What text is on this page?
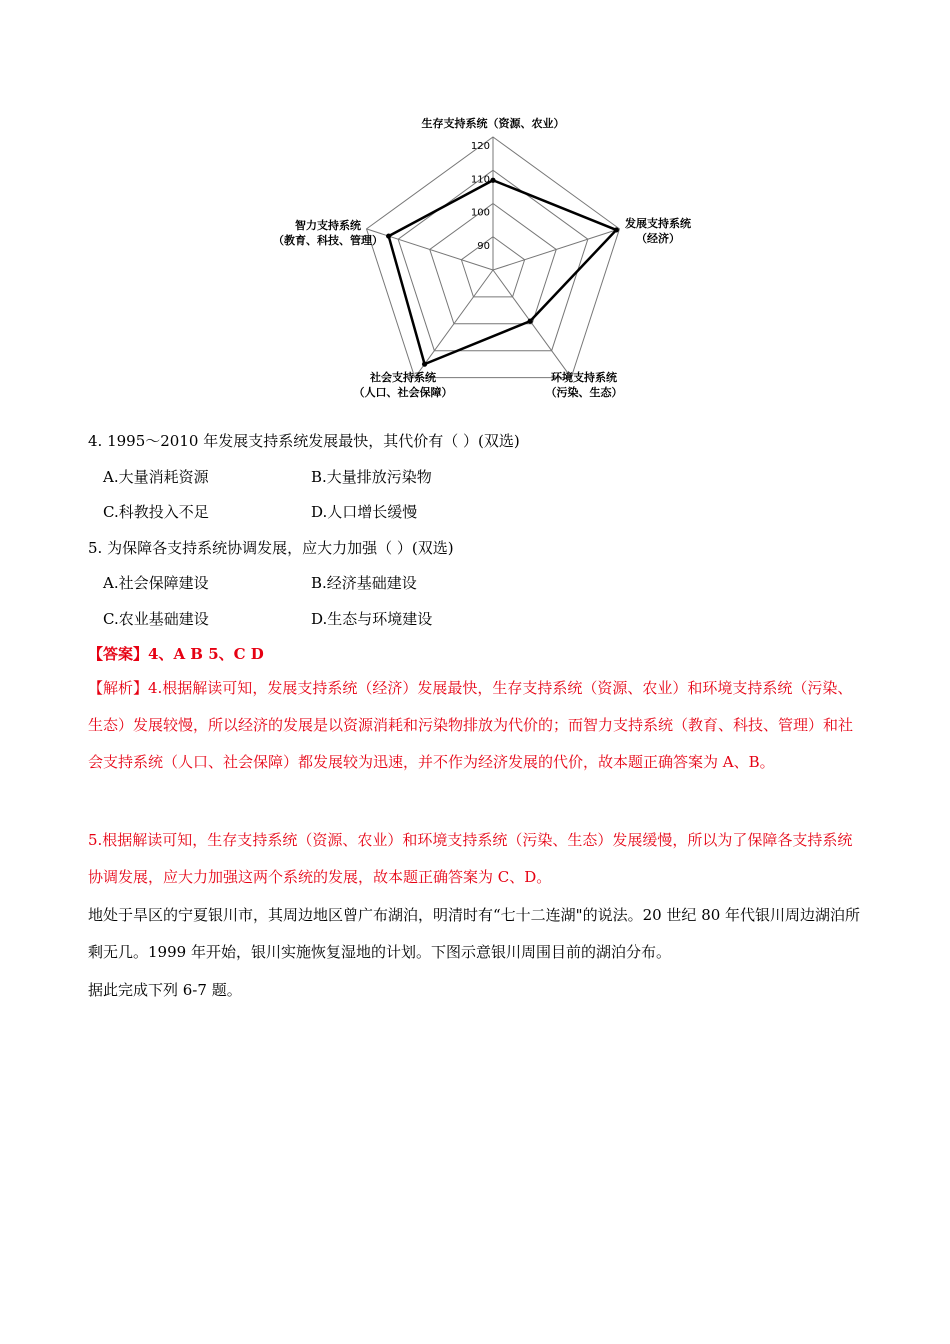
90
100
110
120
生存支持系统（资源、农业）
发展支持系统
（经济）
环境支持系统
（污染、生态）
社会支持系统
（人口、社会保障）
智力支持系统
（教育、科技、管理）
4. 1995～2010 年发展支持系统发展最快，其代价有（ ）(双选)
A.大量消耗资源	B.大量排放污染物
C.科教投入不足	D.人口增长缓慢
5. 为保障各支持系统协调发展，应大力加强（ ）(双选)
A.社会保障建设	B.经济基础建设
C.农业基础建设	D.生态与环境建设
【答案】4、A B 5、C D
【解析】4.根据解读可知，发展支持系统（经济）发展最快，生存支持系统（资源、农业）和环境支持系统（污染、生态）发展较慢，所以经济的发展是以资源消耗和污染物排放为代价的；而智力支持系统（教育、科技、管理）和社会支持系统（人口、社会保障）都发展较为迅速，并不作为经济发展的代价，故本题正确答案为 A、B。
5.根据解读可知，生存支持系统（资源、农业）和环境支持系统（污染、生态）发展缓慢，所以为了保障各支持系统协调发展，应大力加强这两个系统的发展，故本题正确答案为 C、D。
地处于旱区的宁夏银川市，其周边地区曾广布湖泊，明清时有“七十二连湖"的说法。20 世纪 80 年代银川周边湖泊所剩无几。1999 年开始，银川实施恢复湿地的计划。下图示意银川周围目前的湖泊分布。
据此完成下列 6-7 题。
